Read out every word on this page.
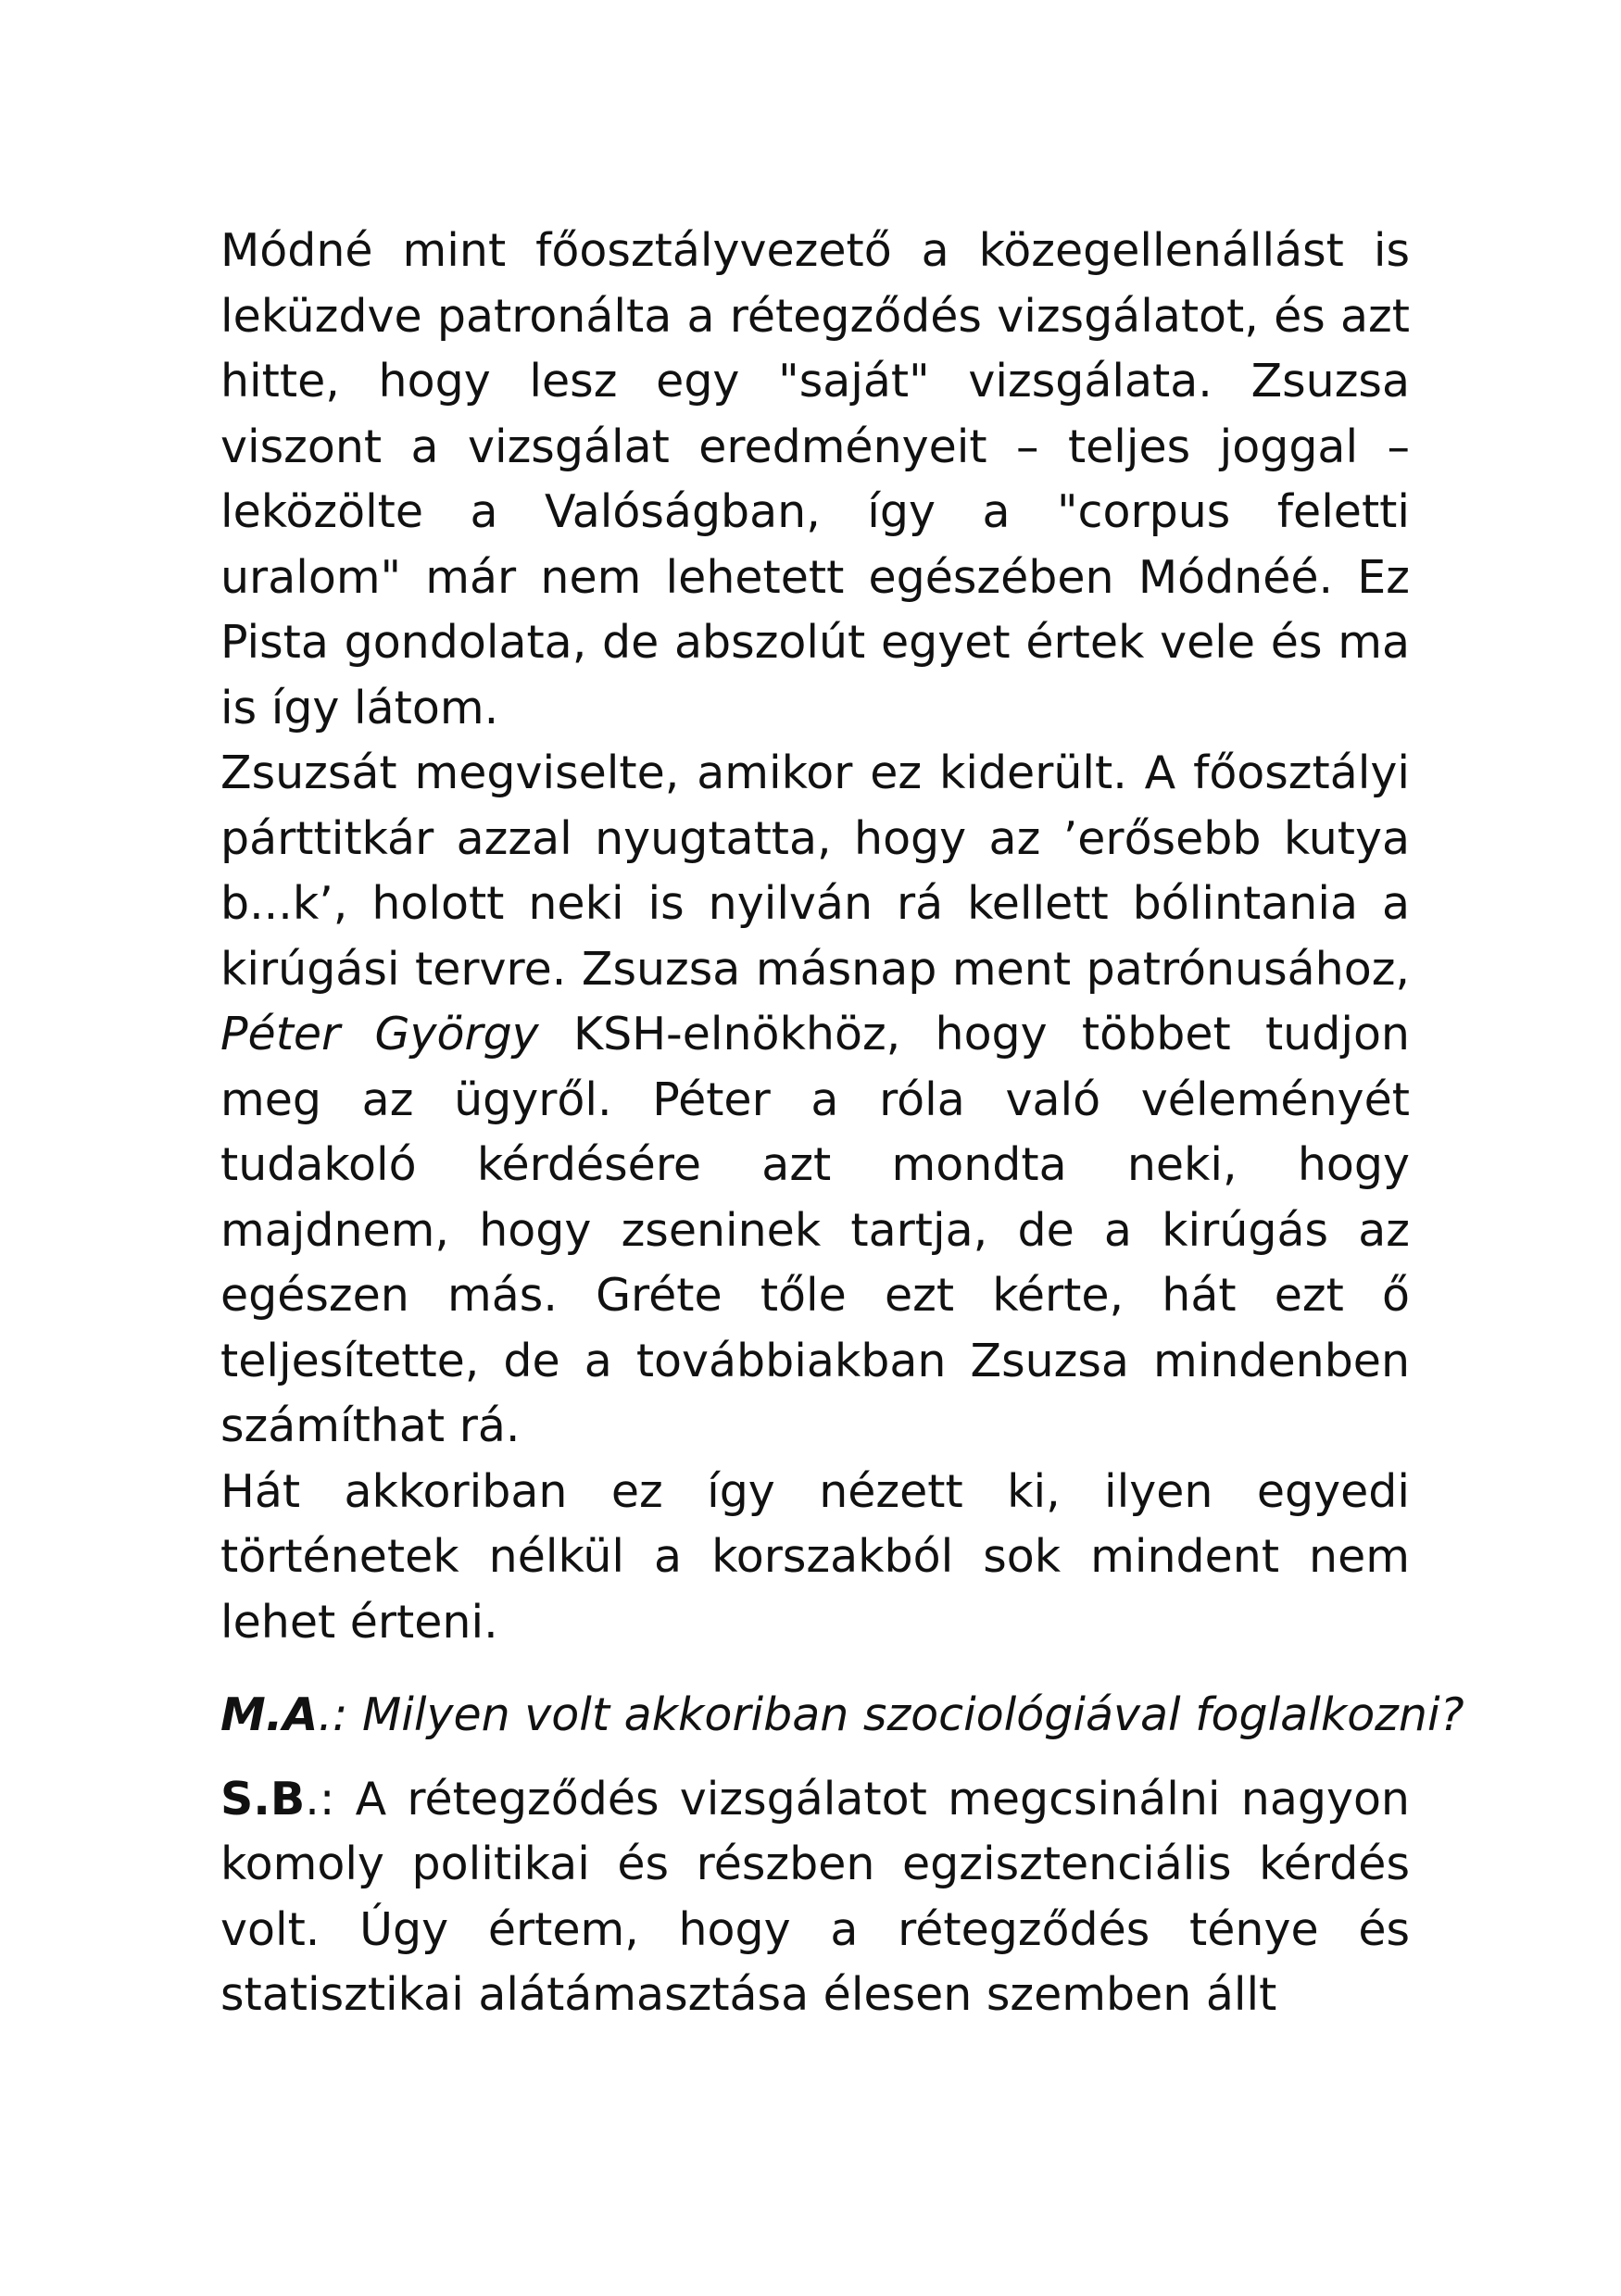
Módné mint főosztályvezető a közegellenállást is leküzdve patronálta a rétegződés vizsgálatot, és azt hitte, hogy lesz egy "saját" vizsgálata. Zsuzsa viszont a vizsgálat eredményeit – teljes joggal – leközölte a Valóságban, így a "corpus feletti uralom" már nem lehetett egészében Módnéé. Ez Pista gondolata, de abszolút egyet értek vele és ma is így látom.

Zsuzsát megviselte, amikor ez kiderült. A főosztályi párttitkár azzal nyugtatta, hogy az ’erősebb kutya b...k’, holott neki is nyilván rá kellett bólintania a kirúgási tervre. Zsuzsa másnap ment patrónusához, Péter György KSH-elnökhöz, hogy többet tudjon meg az ügyről. Péter a róla való véleményét tudakoló kérdésére azt mondta neki, hogy majdnem, hogy zseninek tartja, de a kirúgás az egészen más. Gréte tőle ezt kérte, hát ezt ő teljesítette, de a továbbiakban Zsuzsa mindenben számíthat rá.

Hát akkoriban ez így nézett ki, ilyen egyedi történetek nélkül a korszakból sok mindent nem lehet érteni.

M.A.: Milyen volt akkoriban szociológiával foglalkozni?

S.B.: A rétegződés vizsgálatot megcsinálni nagyon komoly politikai és részben egzisztenciális kérdés volt. Úgy értem, hogy a rétegződés ténye és statisztikai alátámasztása élesen szemben állt
